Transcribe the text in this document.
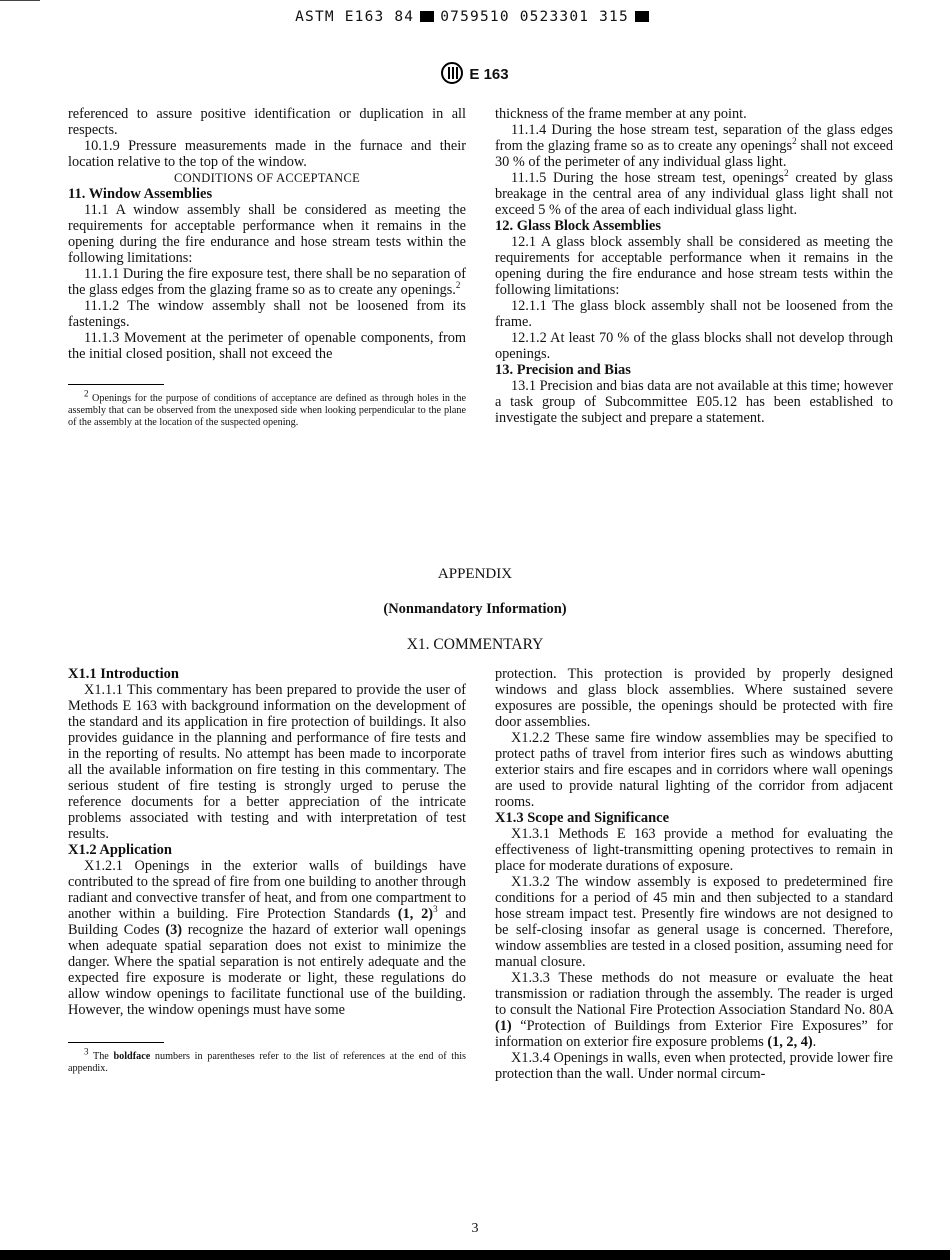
ASTM E163 84 0759510 0523301 315
E 163

referenced to assure positive identification or duplication in all respects.

10.1.9 Pressure measurements made in the furnace and their location relative to the top of the window.

CONDITIONS OF ACCEPTANCE

11. Window Assemblies

11.1 A window assembly shall be considered as meeting the requirements for acceptable performance when it remains in the opening during the fire endurance and hose stream tests within the following limitations:

11.1.1 During the fire exposure test, there shall be no separation of the glass edges from the glazing frame so as to create any openings.$^2$

11.1.2 The window assembly shall not be loosened from its fastenings.

11.1.3 Movement at the perimeter of openable components, from the initial closed position, shall not exceed the

$^2$ Openings for the purpose of conditions of acceptance are defined as through holes in the assembly that can be observed from the unexposed side when looking perpendicular to the plane of the assembly at the location of the suspected opening.

thickness of the frame member at any point.

11.1.4 During the hose stream test, separation of the glass edges from the glazing frame so as to create any openings$^2$ shall not exceed 30 % of the perimeter of any individual glass light.

11.1.5 During the hose stream test, openings$^2$ created by glass breakage in the central area of any individual glass light shall not exceed 5 % of the area of each individual glass light.

12. Glass Block Assemblies

12.1 A glass block assembly shall be considered as meeting the requirements for acceptable performance when it remains in the opening during the fire endurance and hose stream tests within the following limitations:

12.1.1 The glass block assembly shall not be loosened from the frame.

12.1.2 At least 70 % of the glass blocks shall not develop through openings.

13. Precision and Bias

13.1 Precision and bias data are not available at this time; however a task group of Subcommittee E05.12 has been established to investigate the subject and prepare a statement.

APPENDIX
(Nonmandatory Information)
X1. COMMENTARY

X1.1 Introduction

X1.1.1 This commentary has been prepared to provide the user of Methods E 163 with background information on the development of the standard and its application in fire protection of buildings. It also provides guidance in the planning and performance of fire tests and in the reporting of results. No attempt has been made to incorporate all the available information on fire testing in this commentary. The serious student of fire testing is strongly urged to peruse the reference documents for a better appreciation of the intricate problems associated with testing and with interpretation of test results.

X1.2 Application

X1.2.1 Openings in the exterior walls of buildings have contributed to the spread of fire from one building to another through radiant and convective transfer of heat, and from one compartment to another within a building. Fire Protection Standards (1, 2)$^3$ and Building Codes (3) recognize the hazard of exterior wall openings when adequate spatial separation does not exist to minimize the danger. Where the spatial separation is not entirely adequate and the expected fire exposure is moderate or light, these regulations do allow window openings to facilitate functional use of the building. However, the window openings must have some

$^3$ The boldface numbers in parentheses refer to the list of references at the end of this appendix.

protection. This protection is provided by properly designed windows and glass block assemblies. Where sustained severe exposures are possible, the openings should be protected with fire door assemblies.

X1.2.2 These same fire window assemblies may be specified to protect paths of travel from interior fires such as windows abutting exterior stairs and fire escapes and in corridors where wall openings are used to provide natural lighting of the corridor from adjacent rooms.

X1.3 Scope and Significance

X1.3.1 Methods E 163 provide a method for evaluating the effectiveness of light-transmitting opening protectives to remain in place for moderate durations of exposure.

X1.3.2 The window assembly is exposed to predetermined fire conditions for a period of 45 min and then subjected to a standard hose stream impact test. Presently fire windows are not designed to be self-closing insofar as general usage is concerned. Therefore, window assemblies are tested in a closed position, assuming need for manual closure.

X1.3.3 These methods do not measure or evaluate the heat transmission or radiation through the assembly. The reader is urged to consult the National Fire Protection Association Standard No. 80A (1) “Protection of Buildings from Exterior Fire Exposures” for information on exterior fire exposure problems (1, 2, 4).

X1.3.4 Openings in walls, even when protected, provide lower fire protection than the wall. Under normal circum-

3
